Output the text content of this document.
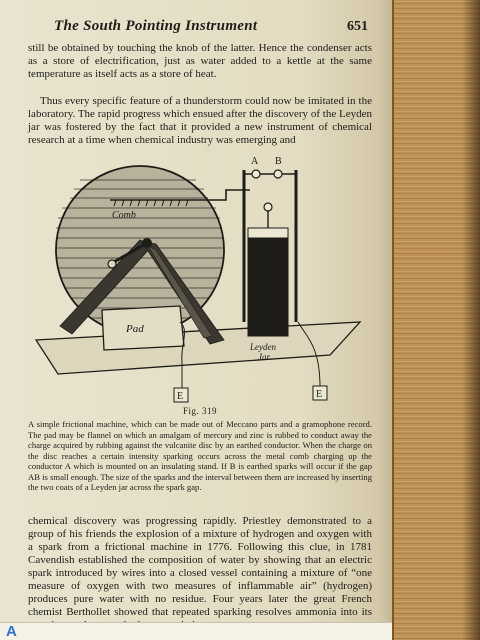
The South Pointing Instrument	651

still be obtained by touching the knob of the latter. Hence the condenser acts as a store of electrification, just as water added to a kettle at the same temperature as itself acts as a store of heat.

Thus every specific feature of a thunderstorm could now be imitated in the laboratory. The rapid progress which ensued after the discovery of the Leyden jar was fostered by the fact that it provided a new instrument of chemical research at a time when chemical industry was emerging and

Comb
Pad
E
A B
Leyden
Jar
E
Fig. 319

A simple frictional machine, which can be made out of Meccano parts and a gramophone record. The pad may be flannel on which an amalgam of mercury and zinc is rubbed to conduct away the charge acquired by rubbing against the vulcanite disc by an earthed conductor. When the charge on the disc reaches a certain intensity sparking occurs across the metal comb charging up the conductor A which is mounted on an insulating stand. If B is earthed sparks will occur if the gap AB is small enough. The size of the sparks and the interval between them are increased by inserting the two coats of a Leyden jar across the spark gap.

chemical discovery was progressing rapidly. Priestley demonstrated to a group of his friends the explosion of a mixture of hydrogen and oxygen with a spark from a frictional machine in 1776. Following this clue, in 1781 Cavendish established the composition of water by showing that an electric spark introduced by wires into a closed vessel containing a mixture of “one measure of oxygen with two measures of inflammable air” (hydrogen) produces pure water with no residue. Four years later the great French chemist Berthollet showed that repeated sparking resolves ammonia into its

A
